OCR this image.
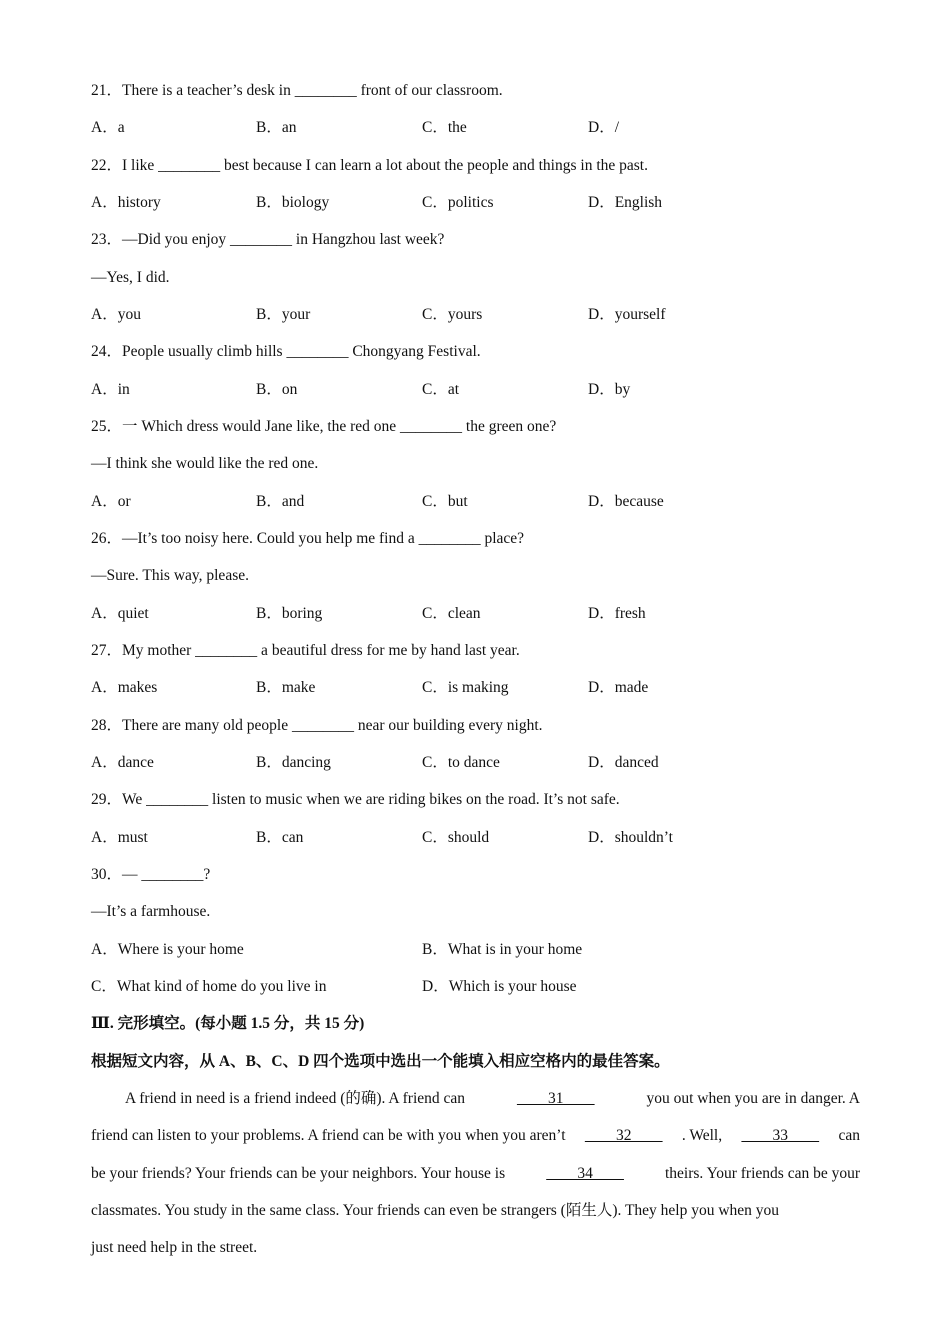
21．There is a teacher’s desk in ________ front of our classroom.
A．a	B．an	C．the	D．/
22．I like ________ best because I can learn a lot about the people and things in the past.
A．history	B．biology	C．politics	D．English
23．—Did you enjoy ________ in Hangzhou last week?
—Yes, I did.
A．you	B．your	C．yours	D．yourself
24．People usually climb hills ________ Chongyang Festival.
A．in	B．on	C．at	D．by
25．一 Which dress would Jane like, the red one ________ the green one?
—I think she would like the red one.
A．or	B．and	C．but	D．because
26．—It’s too noisy here. Could you help me find a ________ place?
—Sure. This way, please.
A．quiet	B．boring	C．clean	D．fresh
27．My mother ________ a beautiful dress for me by hand last year.
A．makes	B．make	C．is making	D．made
28．There are many old people ________ near our building every night.
A．dance	B．dancing	C．to dance	D．danced
29．We ________ listen to music when we are riding bikes on the road. It’s not safe.
A．must	B．can	C．should	D．shouldn’t
30．— ________?
—It’s a farmhouse.
A．Where is your home	B．What is in your home
C．What kind of home do you live in	D．Which is your house
Ⅲ. 完形填空。(每小题 1.5 分，共 15 分)
根据短文内容，从 A、B、C、D 四个选项中选出一个能填入相应空格内的最佳答案。
A friend in need is a friend indeed (的确). A friend can	____31____	you out when you are in danger. A
friend can listen to your problems. A friend can be with you when you aren’t ____32____ . Well, ____33____ can
be your friends? Your friends can be your neighbors. Your house is	____34____	theirs. Your friends can be your
classmates. You study in the same class. Your friends can even be strangers (陌生人). They help you when you
just need help in the street.
